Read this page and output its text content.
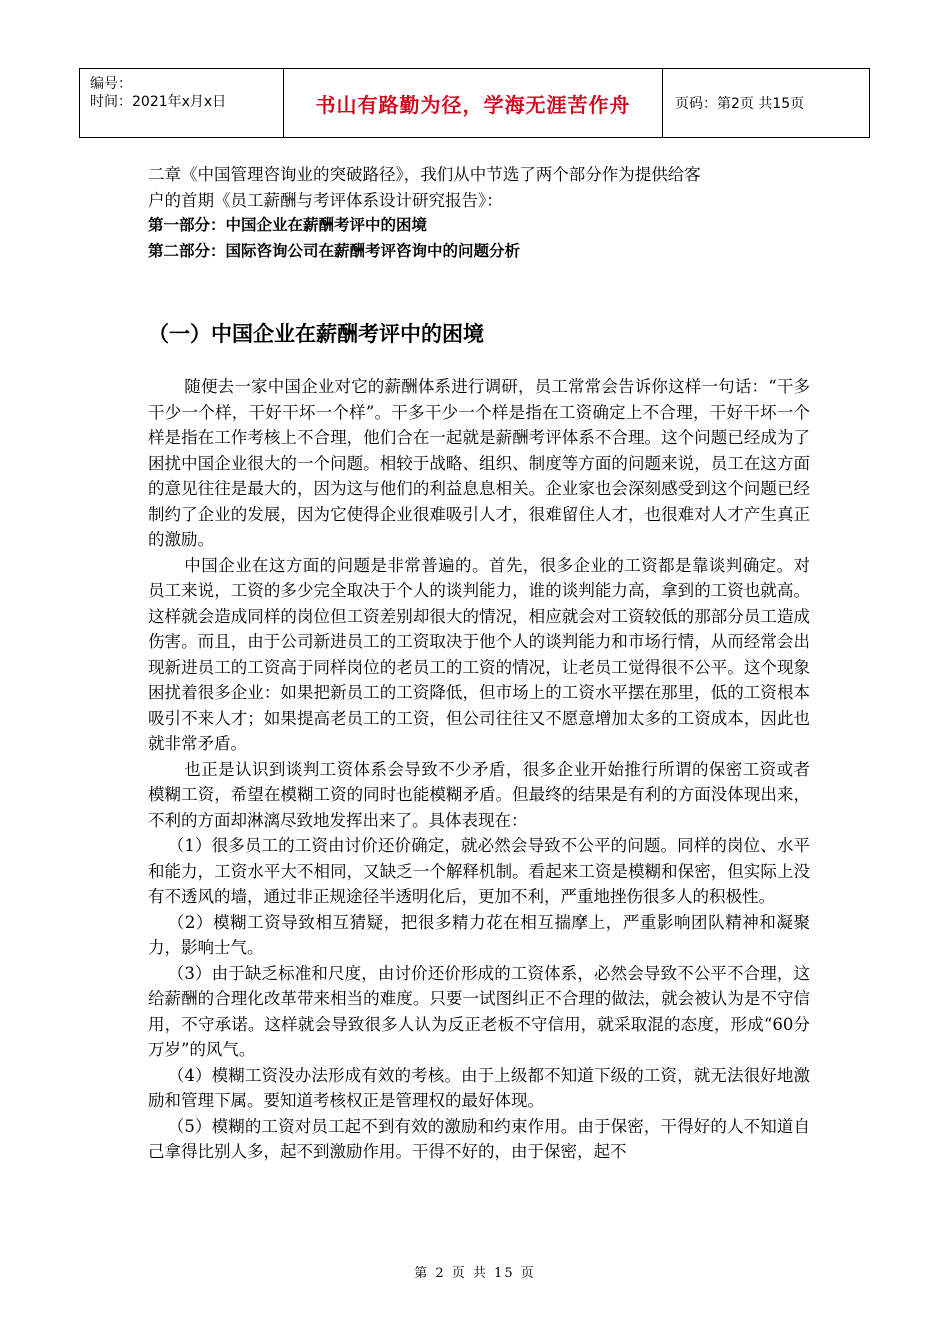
编号：
时间：2021年x月x日	书山有路勤为径，学海无涯苦作舟	页码：第2页 共15页

二章《中国管理咨询业的突破路径》，我们从中节选了两个部分作为提供给客

户的首期《员工薪酬与考评体系设计研究报告》：

第一部分：中国企业在薪酬考评中的困境

第二部分：国际咨询公司在薪酬考评咨询中的问题分析

（一）中国企业在薪酬考评中的困境

随便去一家中国企业对它的薪酬体系进行调研，员工常常会告诉你这样一句话：“干多干少一个样，干好干坏一个样”。干多干少一个样是指在工资确定上不合理，干好干坏一个样是指在工作考核上不合理，他们合在一起就是薪酬考评体系不合理。这个问题已经成为了困扰中国企业很大的一个问题。相较于战略、组织、制度等方面的问题来说，员工在这方面的意见往往是最大的，因为这与他们的利益息息相关。企业家也会深刻感受到这个问题已经制约了企业的发展，因为它使得企业很难吸引人才，很难留住人才，也很难对人才产生真正的激励。

中国企业在这方面的问题是非常普遍的。首先，很多企业的工资都是靠谈判确定。对员工来说，工资的多少完全取决于个人的谈判能力，谁的谈判能力高，拿到的工资也就高。这样就会造成同样的岗位但工资差别却很大的情况，相应就会对工资较低的那部分员工造成伤害。而且，由于公司新进员工的工资取决于他个人的谈判能力和市场行情，从而经常会出现新进员工的工资高于同样岗位的老员工的工资的情况，让老员工觉得很不公平。这个现象困扰着很多企业：如果把新员工的工资降低，但市场上的工资水平摆在那里，低的工资根本吸引不来人才；如果提高老员工的工资，但公司往往又不愿意增加太多的工资成本，因此也就非常矛盾。

也正是认识到谈判工资体系会导致不少矛盾，很多企业开始推行所谓的保密工资或者模糊工资，希望在模糊工资的同时也能模糊矛盾。但最终的结果是有利的方面没体现出来，不利的方面却淋漓尽致地发挥出来了。具体表现在：

（1）很多员工的工资由讨价还价确定，就必然会导致不公平的问题。同样的岗位、水平和能力，工资水平大不相同，又缺乏一个解释机制。看起来工资是模糊和保密，但实际上没有不透风的墙，通过非正规途径半透明化后，更加不利，严重地挫伤很多人的积极性。

（2）模糊工资导致相互猜疑，把很多精力花在相互揣摩上，严重影响团队精神和凝聚力，影响士气。

（3）由于缺乏标准和尺度，由讨价还价形成的工资体系，必然会导致不公平不合理，这给薪酬的合理化改革带来相当的难度。只要一试图纠正不合理的做法，就会被认为是不守信用，不守承诺。这样就会导致很多人认为反正老板不守信用，就采取混的态度，形成“60分万岁”的风气。

（4）模糊工资没办法形成有效的考核。由于上级都不知道下级的工资，就无法很好地激励和管理下属。要知道考核权正是管理权的最好体现。

（5）模糊的工资对员工起不到有效的激励和约束作用。由于保密，干得好的人不知道自己拿得比别人多，起不到激励作用。干得不好的，由于保密，起不

第 2 页 共 15 页
